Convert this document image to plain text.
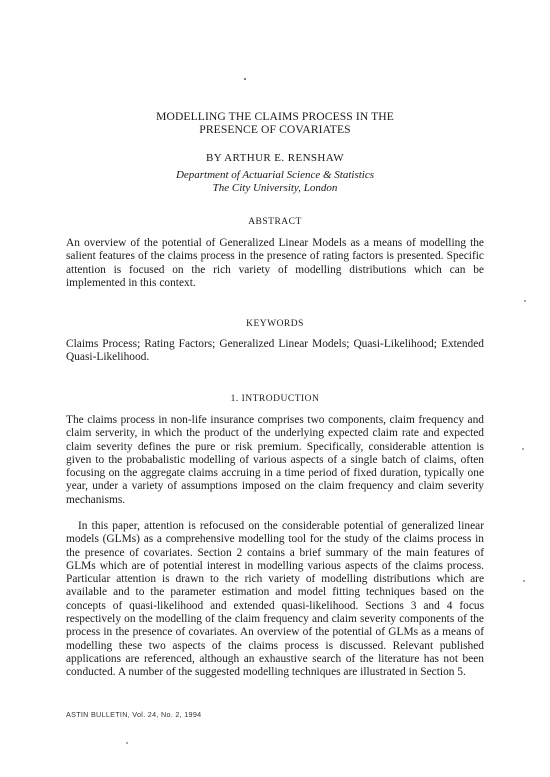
MODELLING THE CLAIMS PROCESS IN THE
PRESENCE OF COVARIATES
BY ARTHUR E. RENSHAW
Department of Actuarial Science & Statistics
The City University, London
ABSTRACT
An overview of the potential of Generalized Linear Models as a means of modelling the salient features of the claims process in the presence of rating factors is presented. Specific attention is focused on the rich variety of modelling distributions which can be implemented in this context.
KEYWORDS
Claims Process; Rating Factors; Generalized Linear Models; Quasi-Likelihood; Extended Quasi-Likelihood.
1. INTRODUCTION
The claims process in non-life insurance comprises two components, claim frequency and claim serverity, in which the product of the underlying expected claim rate and expected claim severity defines the pure or risk premium. Specifically, considerable attention is given to the probabalistic modelling of various aspects of a single batch of claims, often focusing on the aggregate claims accruing in a time period of fixed duration, typically one year, under a variety of assumptions imposed on the claim frequency and claim severity mechanisms.
In this paper, attention is refocused on the considerable potential of generalized linear models (GLMs) as a comprehensive modelling tool for the study of the claims process in the presence of covariates. Section 2 contains a brief summary of the main features of GLMs which are of potential interest in modelling various aspects of the claims process. Particular attention is drawn to the rich variety of modelling distributions which are available and to the parameter estimation and model fitting techniques based on the concepts of quasi-likelihood and extended quasi-likelihood. Sections 3 and 4 focus respectively on the modelling of the claim frequency and claim severity components of the process in the presence of covariates. An overview of the potential of GLMs as a means of modelling these two aspects of the claims process is discussed. Relevant published applications are referenced, although an exhaustive search of the literature has not been conducted. A number of the suggested modelling techniques are illustrated in Section 5.
ASTIN BULLETIN, Vol. 24, No. 2, 1994
